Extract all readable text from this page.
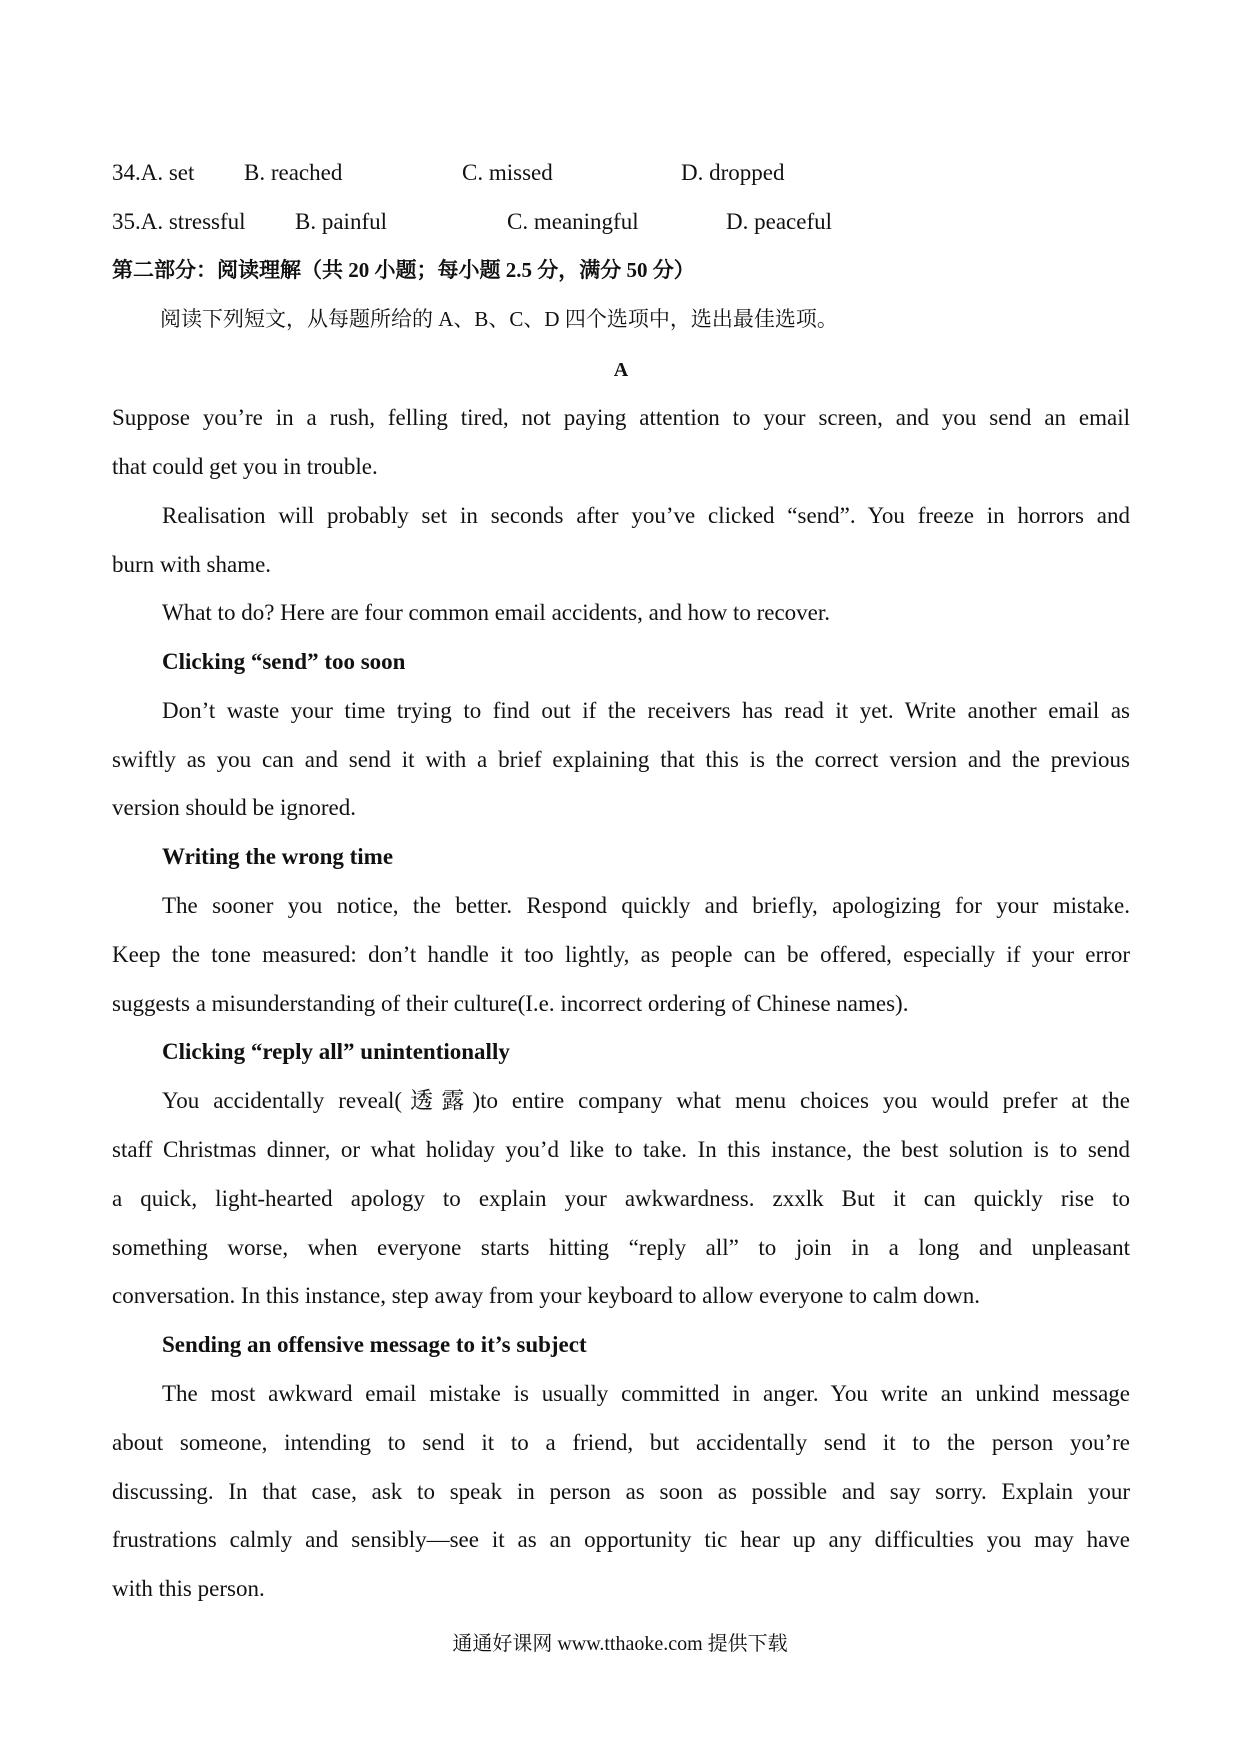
34.A. set B. reached	C. missed	D. dropped
35.A. stressful B. painful	C. meaningful	D. peaceful
第二部分：阅读理解（共 20 小题；每小题 2.5 分，满分 50 分）
阅读下列短文，从每题所给的 A、B、C、D 四个选项中，选出最佳选项。
A
Suppose you’re in a rush, felling tired, not paying attention to your screen, and you send an email
that could get you in trouble.
Realisation will probably set in seconds after you’ve clicked “send”. You freeze in horrors and
burn with shame.
What to do? Here are four common email accidents, and how to recover.
Clicking “send” too soon
Don’t waste your time trying to find out if the receivers has read it yet. Write another email as
swiftly as you can and send it with a brief explaining that this is the correct version and the previous
version should be ignored.
Writing the wrong time
The sooner you notice, the better. Respond quickly and briefly, apologizing for your mistake.
Keep the tone measured: don’t handle it too lightly, as people can be offered, especially if your error
suggests a misunderstanding of their culture(I.e. incorrect ordering of Chinese names).
Clicking “reply all” unintentionally
You accidentally reveal(透露)to entire company what menu choices you would prefer at the
staff Christmas dinner, or what holiday you’d like to take. In this instance, the best solution is to send
a quick, light-hearted apology to explain your awkwardness. zxxlk But it can quickly rise to
something worse, when everyone starts hitting “reply all” to join in a long and unpleasant
conversation. In this instance, step away from your keyboard to allow everyone to calm down.
Sending an offensive message to it’s subject
The most awkward email mistake is usually committed in anger. You write an unkind message
about someone, intending to send it to a friend, but accidentally send it to the person you’re
discussing. In that case, ask to speak in person as soon as possible and say sorry. Explain your
frustrations calmly and sensibly—see it as an opportunity tic hear up any difficulties you may have
with this person.
通通好课网 www.tthaoke.com 提供下载
